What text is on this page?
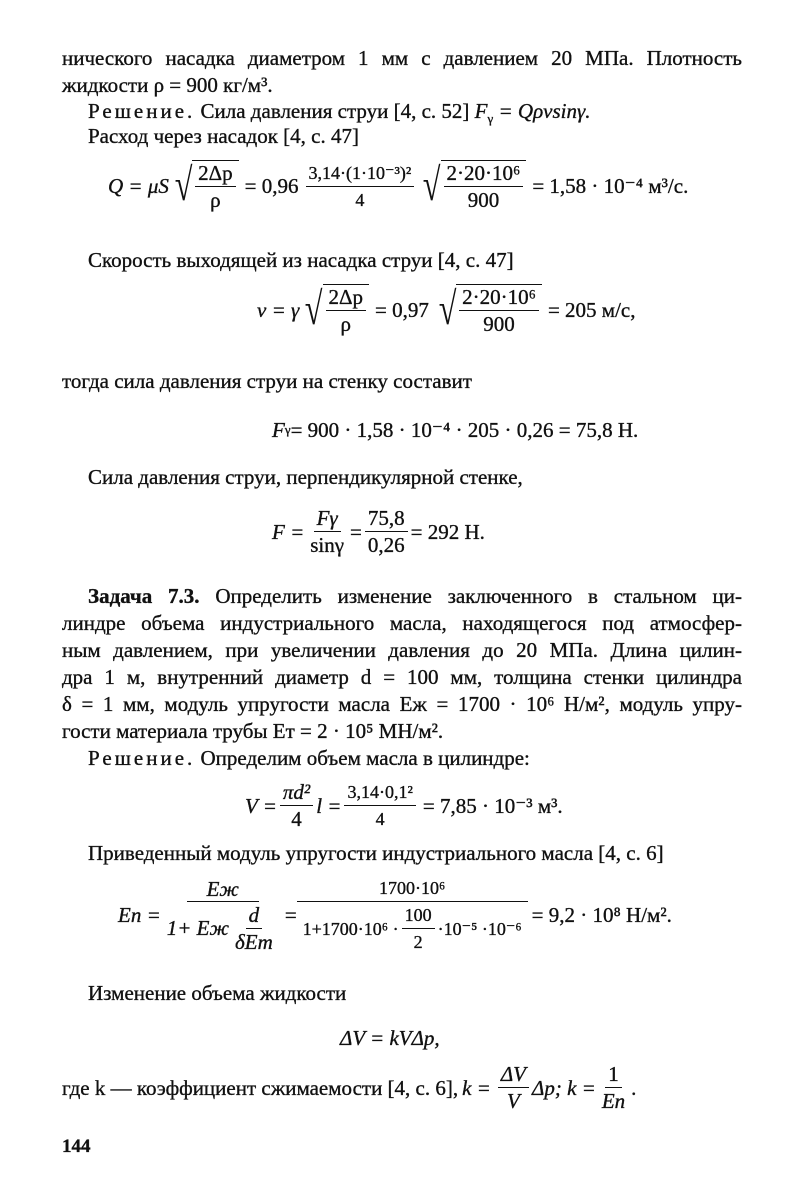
нического насадка диаметром 1 мм с давлением 20 МПа. Плотность
жидкости ρ = 900 кг/м³.
Решение. Сила давления струи [4, с. 52] $F_\gamma = Q\rho vsin\gamma$.
Расход через насадок [4, с. 47]
Q = μS √ $\frac{2\Delta p}{\rho} = 0,96 \frac{\text{3,14·(1·10⁻³)²}}{4}$ √ $\frac{\text{2·20·10⁶}}{900} = 1,58 \cdot 10^{-4}$ м³/с.
Скорость выходящей из насадка струи [4, с. 47]
v = γ √ $\frac{2\Delta p}{\rho} = 0,97$ √ $\frac{\text{2·20·10⁶}}{900} = 205$ м/с,
тогда сила давления струи на стенку составит
F γ = 900 · 1,58 · 10⁻⁴ · 205 · 0,26 = 75,8 Н.
Сила давления струи, перпендикулярной стенке,
$F = \frac{F\gamma}{\sin\gamma} = \frac{75,8}{0,26} = 292$ Н.
Задача 7.3. Определить изменение заключенного в стальном ци-
линдре объема индустриального масла, находящегося под атмосфер-
ным давлением, при увеличении давления до 20 МПа. Длина цилин-
дра 1 м, внутренний диаметр d = 100 мм, толщина стенки цилиндра
δ = 1 мм, модуль упругости масла Eж = 1700 · 10⁶ Н/м², модуль упру-
гости материала трубы Eт = 2 · 10⁵ МН/м².
Решение. Определим объем масла в цилиндре:
$V = \frac{\text{πd²}}{4}$ $l = \frac{\text{3,14·0,1²}}{4} = 7,85 \cdot 10^{-3}$ м³.
Приведенный модуль упругости индустриального масла [4, с. 6]
Eп = $\frac{Eж}{1+ Eж \frac{d}{\text{δEт}}} = \frac{\text{1700·10⁶}}{1+1700\cdot 10^6 \cdot \frac{100}{2} \cdot 10^{-5} \cdot 10^{-6}} = 9,2 \cdot 10^8$ Н/м².
Изменение объема жидкости
ΔV = kVΔp,
где k — коэффициент сжимаемости [4, с. 6], $k = \frac{\Delta V}{V} \Delta p$; $k = \frac{1}{Eп}$ .
144
